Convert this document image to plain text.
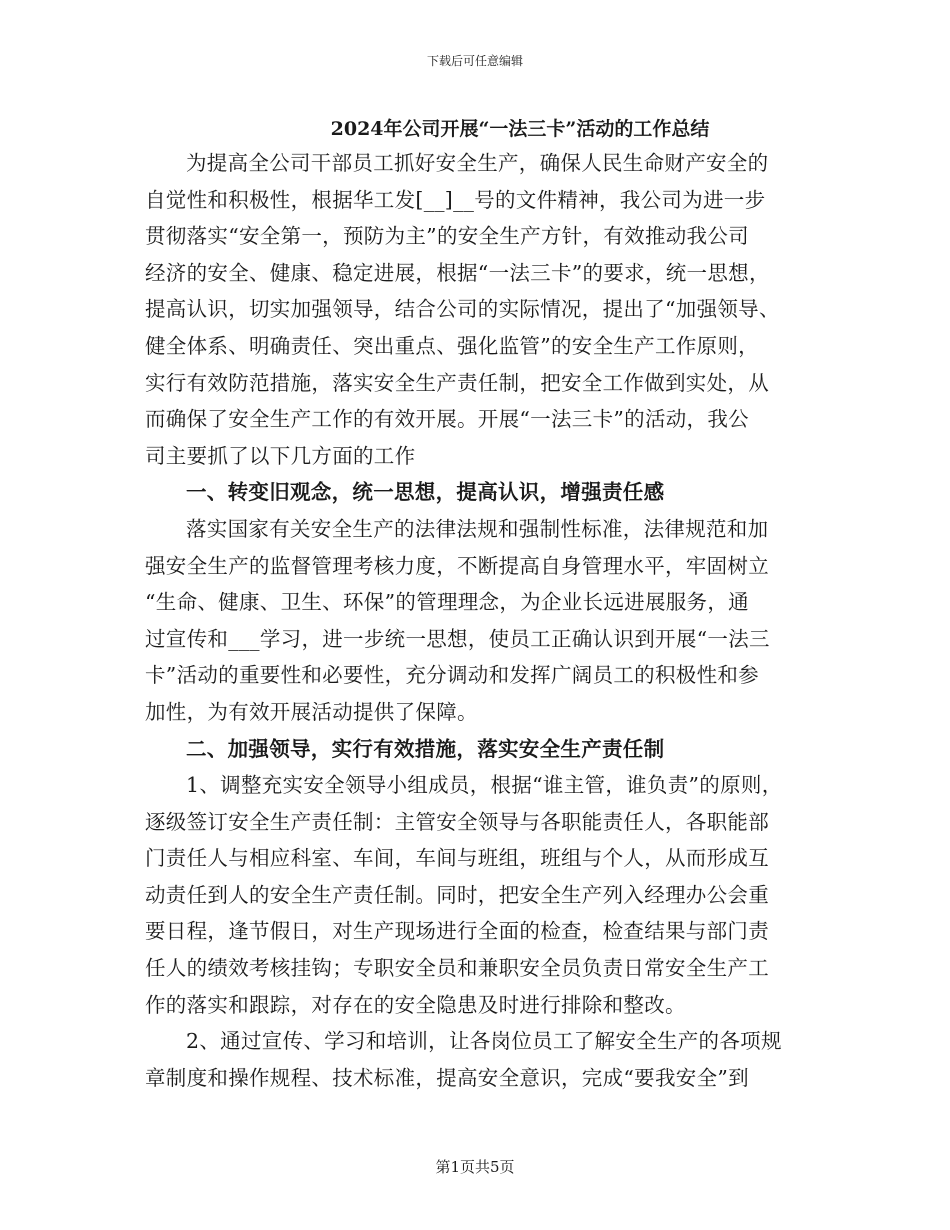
下载后可任意编辑
2024年公司开展“一法三卡”活动的工作总结
为提高全公司干部员工抓好安全生产，确保人民生命财产安全的
自觉性和积极性，根据华工发[__]__号的文件精神，我公司为进一步
贯彻落实“安全第一，预防为主”的安全生产方针，有效推动我公司
经济的安全、健康、稳定进展，根据“一法三卡”的要求，统一思想，
提高认识，切实加强领导，结合公司的实际情况，提出了“加强领导、
健全体系、明确责任、突出重点、强化监管”的安全生产工作原则，
实行有效防范措施，落实安全生产责任制，把安全工作做到实处，从
而确保了安全生产工作的有效开展。开展“一法三卡”的活动，我公
司主要抓了以下几方面的工作
一、转变旧观念，统一思想，提高认识，增强责任感
落实国家有关安全生产的法律法规和强制性标准，法律规范和加
强安全生产的监督管理考核力度，不断提高自身管理水平，牢固树立
“生命、健康、卫生、环保”的管理理念，为企业长远进展服务，通
过宣传和___学习，进一步统一思想，使员工正确认识到开展“一法三
卡”活动的重要性和必要性，充分调动和发挥广阔员工的积极性和参
加性，为有效开展活动提供了保障。
二、加强领导，实行有效措施，落实安全生产责任制
1、调整充实安全领导小组成员，根据“谁主管，谁负责”的原则，
逐级签订安全生产责任制：主管安全领导与各职能责任人，各职能部
门责任人与相应科室、车间，车间与班组，班组与个人，从而形成互
动责任到人的安全生产责任制。同时，把安全生产列入经理办公会重
要日程，逢节假日，对生产现场进行全面的检查，检查结果与部门责
任人的绩效考核挂钩；专职安全员和兼职安全员负责日常安全生产工
作的落实和跟踪，对存在的安全隐患及时进行排除和整改。
2、通过宣传、学习和培训，让各岗位员工了解安全生产的各项规
章制度和操作规程、技术标准，提高安全意识，完成“要我安全”到
第1页共5页
